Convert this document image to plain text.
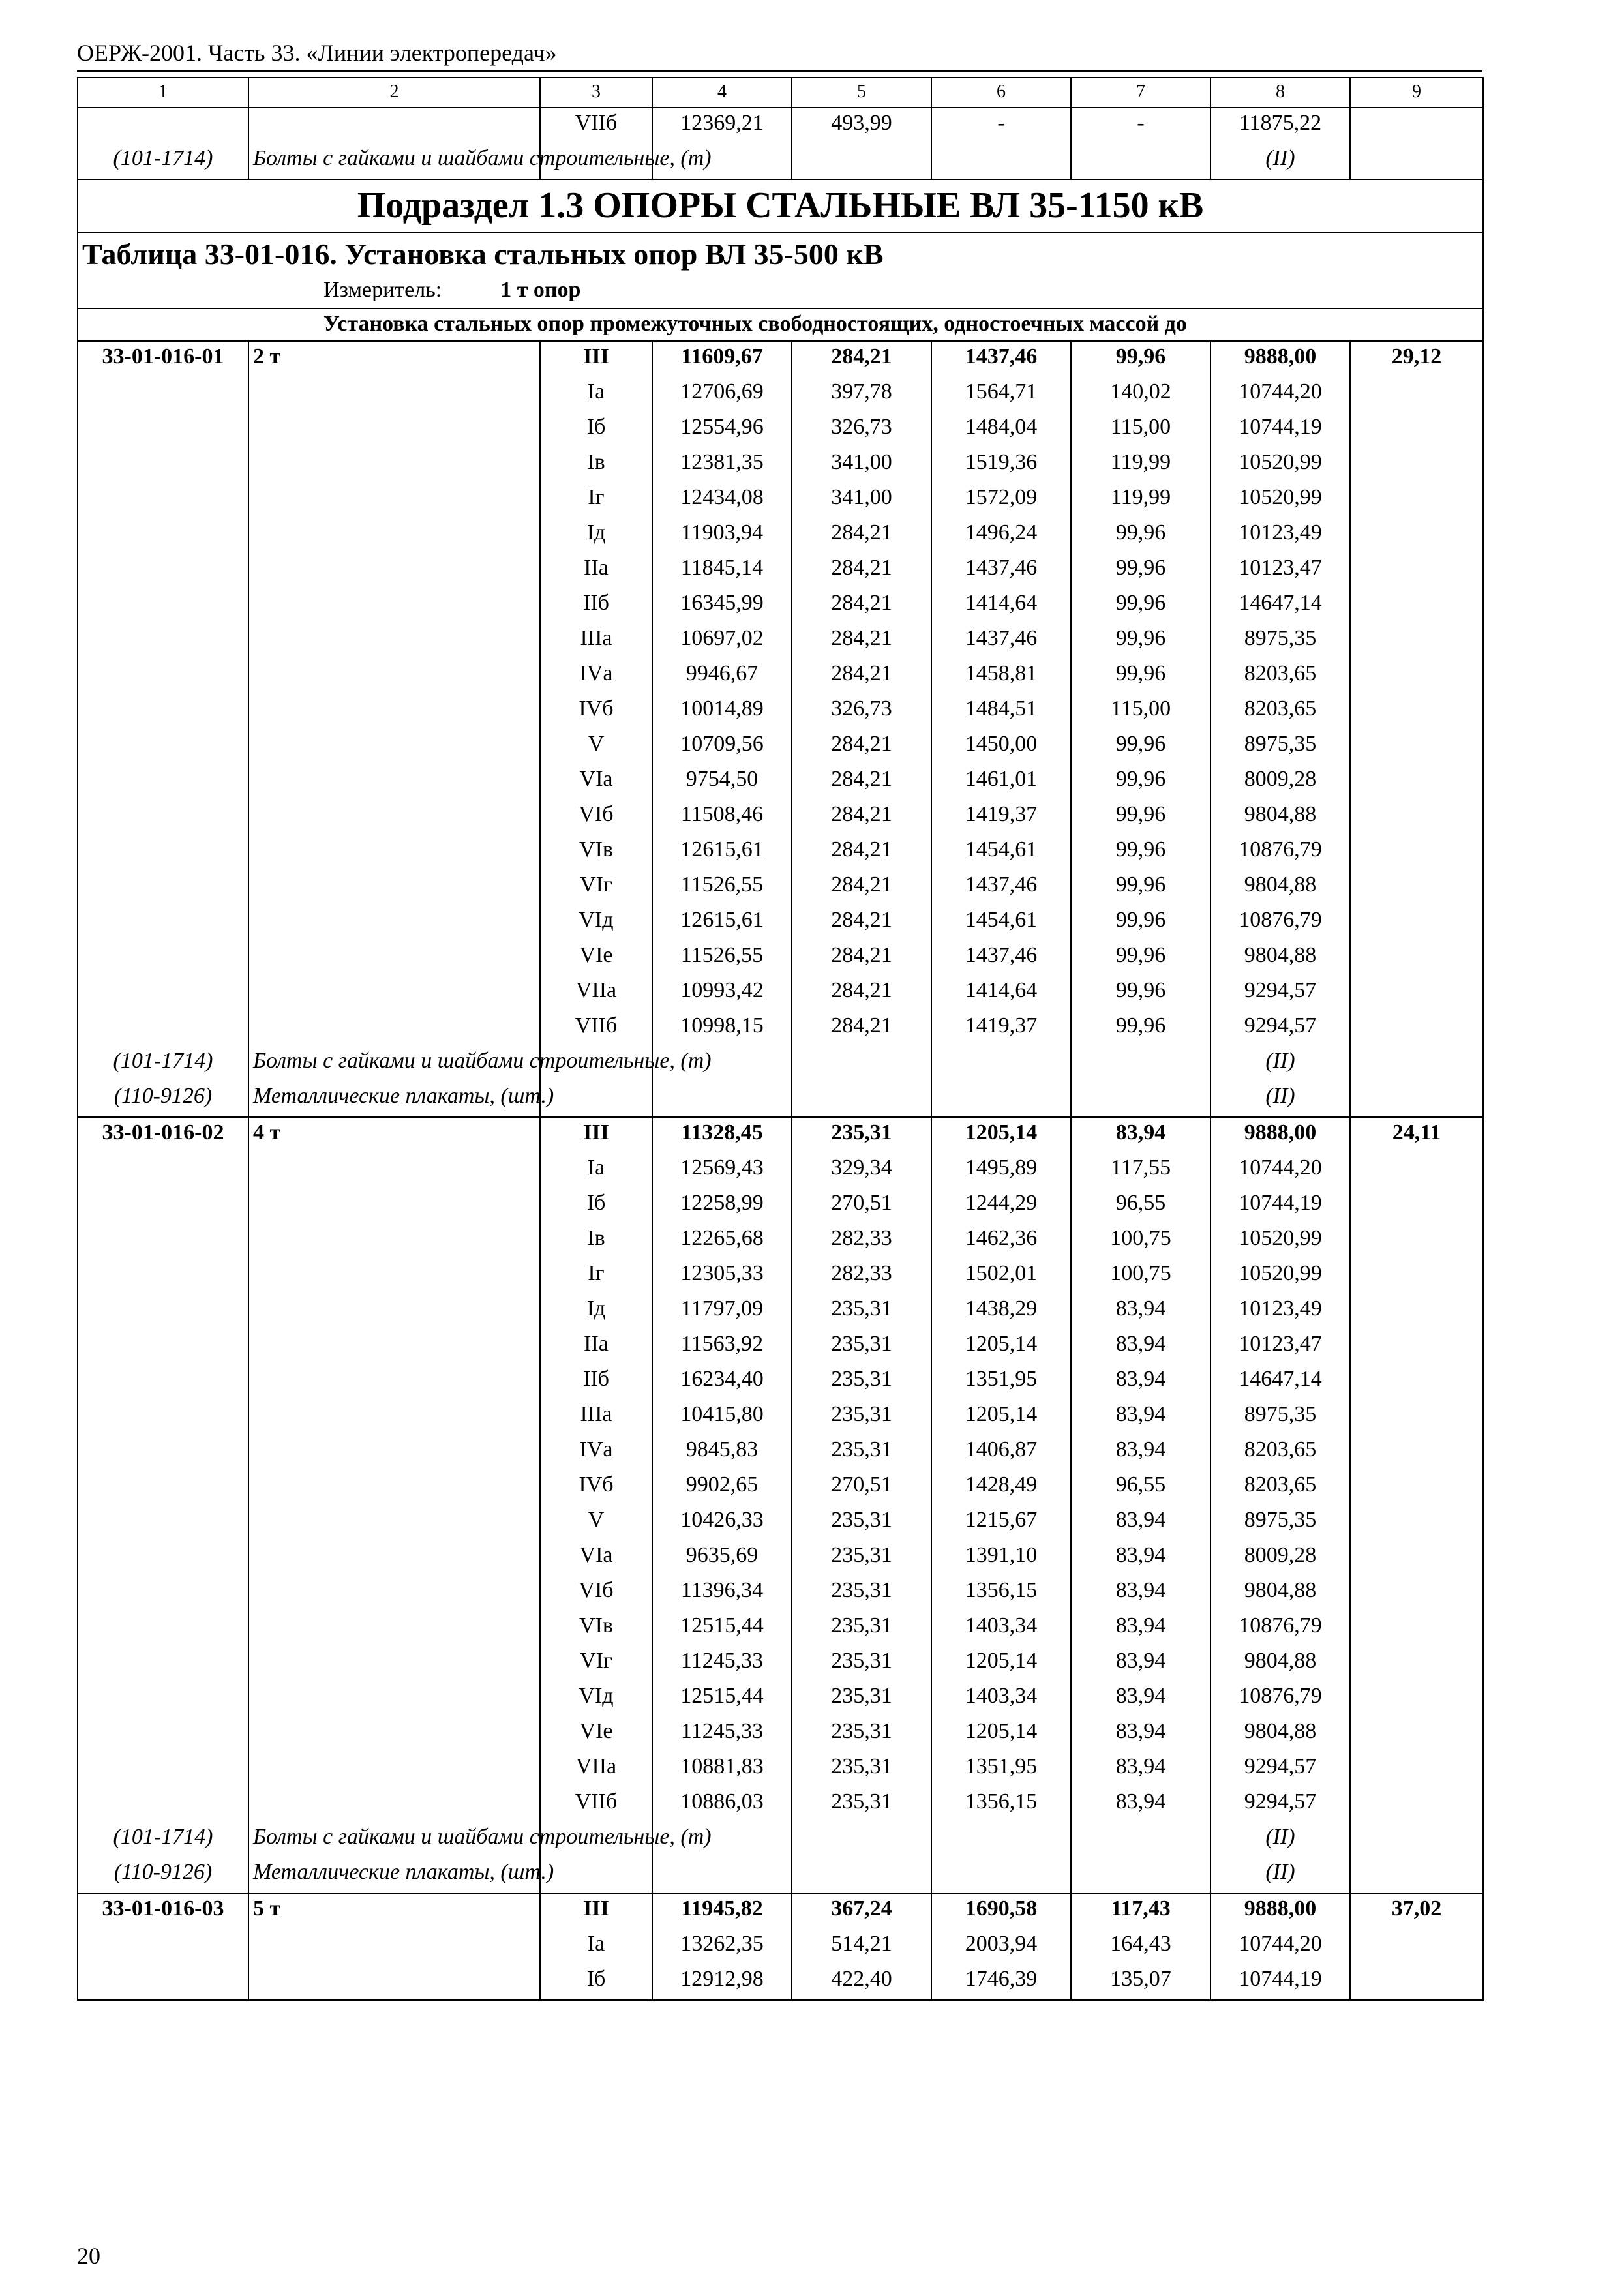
ОЕРЖ-2001. Часть 33. «Линии электропередач»
1	2	3	4	5	6	7	8	9
		VIIб	12369,21	493,99	-	-	11875,22	
(101-1714)	Болты с гайками и шайбами строительные, (т)						(II)	
Подраздел 1.3 ОПОРЫ СТАЛЬНЫЕ ВЛ 35-1150 кВ								
Таблица 33-01-016. Установка стальных опор ВЛ 35-500 кВ								
Измеритель: 1 т опор								
Установка стальных опор промежуточных свободностоящих, одностоечных массой до								
33-01-016-01	2 т	III	11609,67	284,21	1437,46	99,96	9888,00	29,12
		Iа	12706,69	397,78	1564,71	140,02	10744,20	
		Iб	12554,96	326,73	1484,04	115,00	10744,19	
		Iв	12381,35	341,00	1519,36	119,99	10520,99	
		Iг	12434,08	341,00	1572,09	119,99	10520,99	
		Iд	11903,94	284,21	1496,24	99,96	10123,49	
		IIа	11845,14	284,21	1437,46	99,96	10123,47	
		IIб	16345,99	284,21	1414,64	99,96	14647,14	
		IIIа	10697,02	284,21	1437,46	99,96	8975,35	
		IVа	9946,67	284,21	1458,81	99,96	8203,65	
		IVб	10014,89	326,73	1484,51	115,00	8203,65	
		V	10709,56	284,21	1450,00	99,96	8975,35	
		VIа	9754,50	284,21	1461,01	99,96	8009,28	
		VIб	11508,46	284,21	1419,37	99,96	9804,88	
		VIв	12615,61	284,21	1454,61	99,96	10876,79	
		VIг	11526,55	284,21	1437,46	99,96	9804,88	
		VIд	12615,61	284,21	1454,61	99,96	10876,79	
		VIе	11526,55	284,21	1437,46	99,96	9804,88	
		VIIа	10993,42	284,21	1414,64	99,96	9294,57	
		VIIб	10998,15	284,21	1419,37	99,96	9294,57	
(101-1714)	Болты с гайками и шайбами строительные, (т)						(II)	
(110-9126)	Металлические плакаты, (шт.)						(II)	
33-01-016-02	4 т	III	11328,45	235,31	1205,14	83,94	9888,00	24,11
		Iа	12569,43	329,34	1495,89	117,55	10744,20	
		Iб	12258,99	270,51	1244,29	96,55	10744,19	
		Iв	12265,68	282,33	1462,36	100,75	10520,99	
		Iг	12305,33	282,33	1502,01	100,75	10520,99	
		Iд	11797,09	235,31	1438,29	83,94	10123,49	
		IIа	11563,92	235,31	1205,14	83,94	10123,47	
		IIб	16234,40	235,31	1351,95	83,94	14647,14	
		IIIа	10415,80	235,31	1205,14	83,94	8975,35	
		IVа	9845,83	235,31	1406,87	83,94	8203,65	
		IVб	9902,65	270,51	1428,49	96,55	8203,65	
		V	10426,33	235,31	1215,67	83,94	8975,35	
		VIа	9635,69	235,31	1391,10	83,94	8009,28	
		VIб	11396,34	235,31	1356,15	83,94	9804,88	
		VIв	12515,44	235,31	1403,34	83,94	10876,79	
		VIг	11245,33	235,31	1205,14	83,94	9804,88	
		VIд	12515,44	235,31	1403,34	83,94	10876,79	
		VIе	11245,33	235,31	1205,14	83,94	9804,88	
		VIIа	10881,83	235,31	1351,95	83,94	9294,57	
		VIIб	10886,03	235,31	1356,15	83,94	9294,57	
(101-1714)	Болты с гайками и шайбами строительные, (т)						(II)	
(110-9126)	Металлические плакаты, (шт.)						(II)	
33-01-016-03	5 т	III	11945,82	367,24	1690,58	117,43	9888,00	37,02
		Iа	13262,35	514,21	2003,94	164,43	10744,20	
		Iб	12912,98	422,40	1746,39	135,07	10744,19	
20
